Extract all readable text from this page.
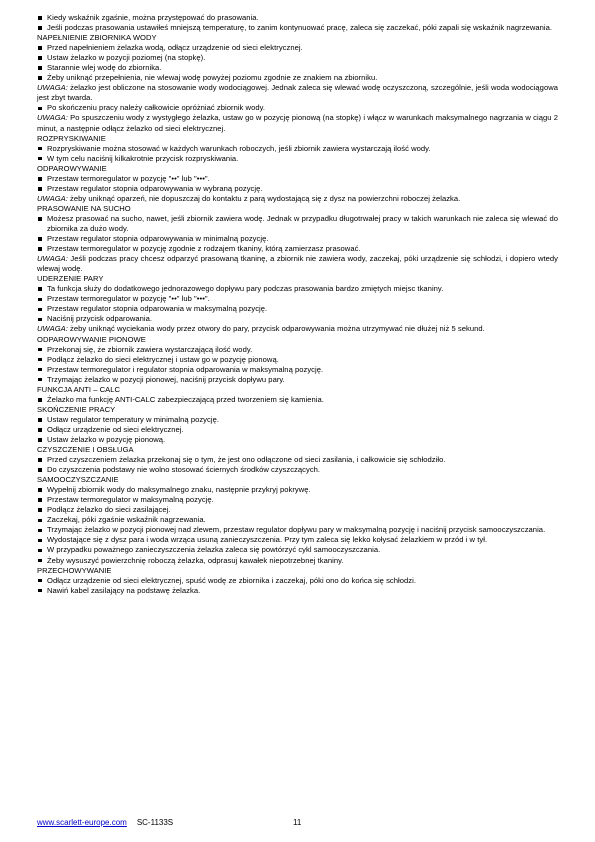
Kiedy wskaźnik zgaśnie, można przystępować do prasowania.
Jeśli podczas prasowania ustawiłeś mniejszą temperaturę, to zanim kontynuować pracę, zaleca się zaczekać, póki zapali się wskaźnik nagrzewania.
NAPEŁNIENIE ZBIORNIKA WODY
Przed napełnieniem żelazka wodą, odłącz urządzenie od sieci elektrycznej.
Ustaw żelazko w pozycji poziomej (na stopkę).
Starannie wlej wodę do zbiornika.
Żeby uniknąć przepełnienia, nie wlewaj wodę powyżej poziomu zgodnie ze znakiem na zbiorniku.
UWAGA: żelazko jest obliczone na stosowanie wody wodociągowej. Jednak zaleca się wlewać wodę oczyszczoną, szczególnie, jeśli woda wodociągowa jest zbyt twarda.
Po skończeniu pracy należy całkowicie opróżniać zbiornik wody.
UWAGA: Po spuszczeniu wody z wystygłego żelazka, ustaw go w pozycję pionową (na stopkę) i włącz w warunkach maksymalnego nagrzania w ciągu 2 minut, a następnie odłącz żelazko od sieci elektrycznej.
ROZPRYSKIWANIE
Rozpryskiwanie można stosować w każdych warunkach roboczych, jeśli zbiornik zawiera wystarczają ilość wody.
W tym celu naciśnij kilkakrotnie przycisk rozpryskiwania.
ODPAROWYWANIE
Przestaw termoregulator w pozycję "••" lub "•••".
Przestaw regulator stopnia odparowywania w wybraną pozycję.
UWAGA: żeby uniknąć oparzeń, nie dopuszczaj do kontaktu z parą wydostającą się z dysz na powierzchni roboczej żelazka.
PRASOWANIE NA SUCHO
Możesz prasować na sucho, nawet, jeśli zbiornik zawiera wodę. Jednak w przypadku długotrwałej pracy w takich warunkach nie zaleca się wlewać do zbiornika za dużo wody.
Przestaw regulator stopnia odparowywania w minimalną pozycję.
Przestaw termoregulator w pozycję zgodnie z rodzajem tkaniny, którą zamierzasz prasować.
UWAGA: Jeśli podczas pracy chcesz odparzyć prasowaną tkaninę, a zbiornik nie zawiera wody, zaczekaj, póki urządzenie się schłodzi, i dopiero wtedy wlewaj wodę.
UDERZENIE PARY
Ta funkcja służy do dodatkowego jednorazowego dopływu pary podczas prasowania bardzo zmiętych miejsc tkaniny.
Przestaw termoregulator w pozycję "••" lub "•••".
Przestaw regulator stopnia odparowania w maksymalną pozycję.
Naciśnij przycisk odparowania.
UWAGA: żeby uniknąć wyciekania wody przez otwory do pary, przycisk odparowywania można utrzymywać nie dłużej niż 5 sekund.
ODPAROWYWANIE PIONOWE
Przekonaj się, że zbiornik zawiera wystarczającą ilość wody.
Podłącz żelazko do sieci elektrycznej i ustaw go w pozycję pionową.
Przestaw termoregulator i regulator stopnia odparowania w maksymalną pozycję.
Trzymając żelazko w pozycji pionowej, naciśnij przycisk dopływu pary.
FUNKCJA ANTI – CALC
Żelazko ma funkcję ANTI-CALC zabezpieczającą przed tworzeniem się kamienia.
SKOŃCZENIE PRACY
Ustaw regulator temperatury w minimalną pozycję.
Odłącz urządzenie od sieci elektrycznej.
Ustaw żelazko w pozycję pionową.
CZYSZCZENIE I OBSŁUGA
Przed czyszczeniem żelazka przekonaj się o tym, że jest ono odłączone od sieci zasilania, i całkowicie się schłodziło.
Do czyszczenia podstawy nie wolno stosować ściernych środków czyszczących.
SAMOOCZYSZCZANIE
Wypełnij zbiornik wody do maksymalnego znaku, następnie przykryj pokrywę.
Przestaw termoregulator w maksymalną pozycję.
Podłącz żelazko do sieci zasilającej.
Zaczekaj, póki zgaśnie wskaźnik nagrzewania.
Trzymając żelazko w pozycji pionowej nad zlewem, przestaw regulator dopływu pary w maksymalną pozycję i naciśnij przycisk samooczyszczania.
Wydostające się z dysz para i woda wrząca usuną zanieczyszczenia. Przy tym zaleca się lekko kołysać żelazkiem w przód i w tył.
W przypadku poważnego zanieczyszczenia żelazka zaleca się powtórzyć cykl samooczyszczania.
Żeby wysuszyć powierzchnię roboczą żelazka, odprasuj kawałek niepotrzebnej tkaniny.
PRZECHOWYWANIE
Odłącz urządzenie od sieci elektrycznej, spuść wodę ze zbiornika i zaczekaj, póki ono do końca się schłodzi.
Nawiń kabel zasilający na podstawę żelazka.
www.scarlett-europe.com SC-1133S	11
